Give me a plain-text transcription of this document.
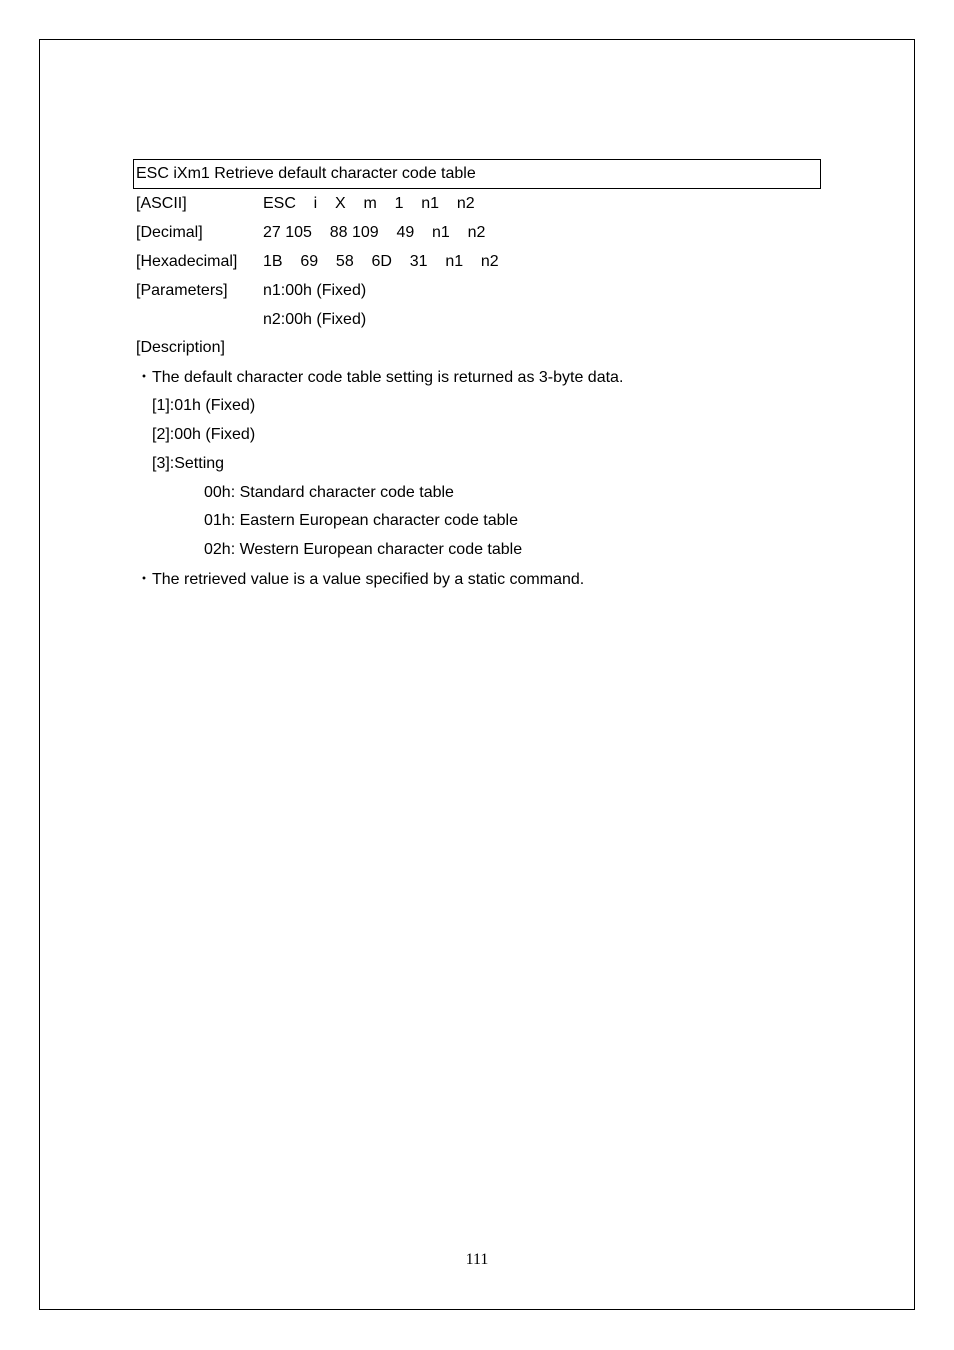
ESC iXm1 Retrieve default character code table
[ASCII]	ESC    i    X    m    1    n1    n2
[Decimal]	27 105    88 109    49    n1    n2
[Hexadecimal] 1B    69    58    6D    31    n1    n2
[Parameters] n1:00h (Fixed)
n2:00h (Fixed)
[Description]
・The default character code table setting is returned as 3-byte data.
[1]:01h (Fixed)
[2]:00h (Fixed)
[3]:Setting
00h: Standard character code table
01h: Eastern European character code table
02h: Western European character code table
・The retrieved value is a value specified by a static command.
111
